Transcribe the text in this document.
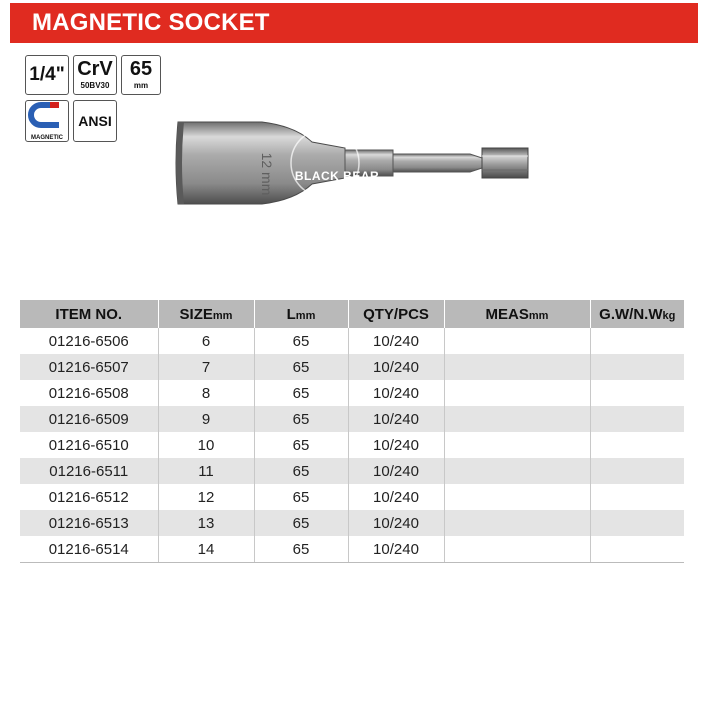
MAGNETIC SOCKET
1/4" CrV
50BV30
65
mm
MAGNETIC
ANSI
12 mm	BLACK BEAR
ITEM NO.	SIZEmm	Lmm	QTY/PCS	MEASmm	G.W/N.Wkg
01216-6506	6	65	10/240		
01216-6507	7	65	10/240		
01216-6508	8	65	10/240		
01216-6509	9	65	10/240		
01216-6510	10	65	10/240		
01216-6511	11	65	10/240		
01216-6512	12	65	10/240		
01216-6513	13	65	10/240		
01216-6514	14	65	10/240		
